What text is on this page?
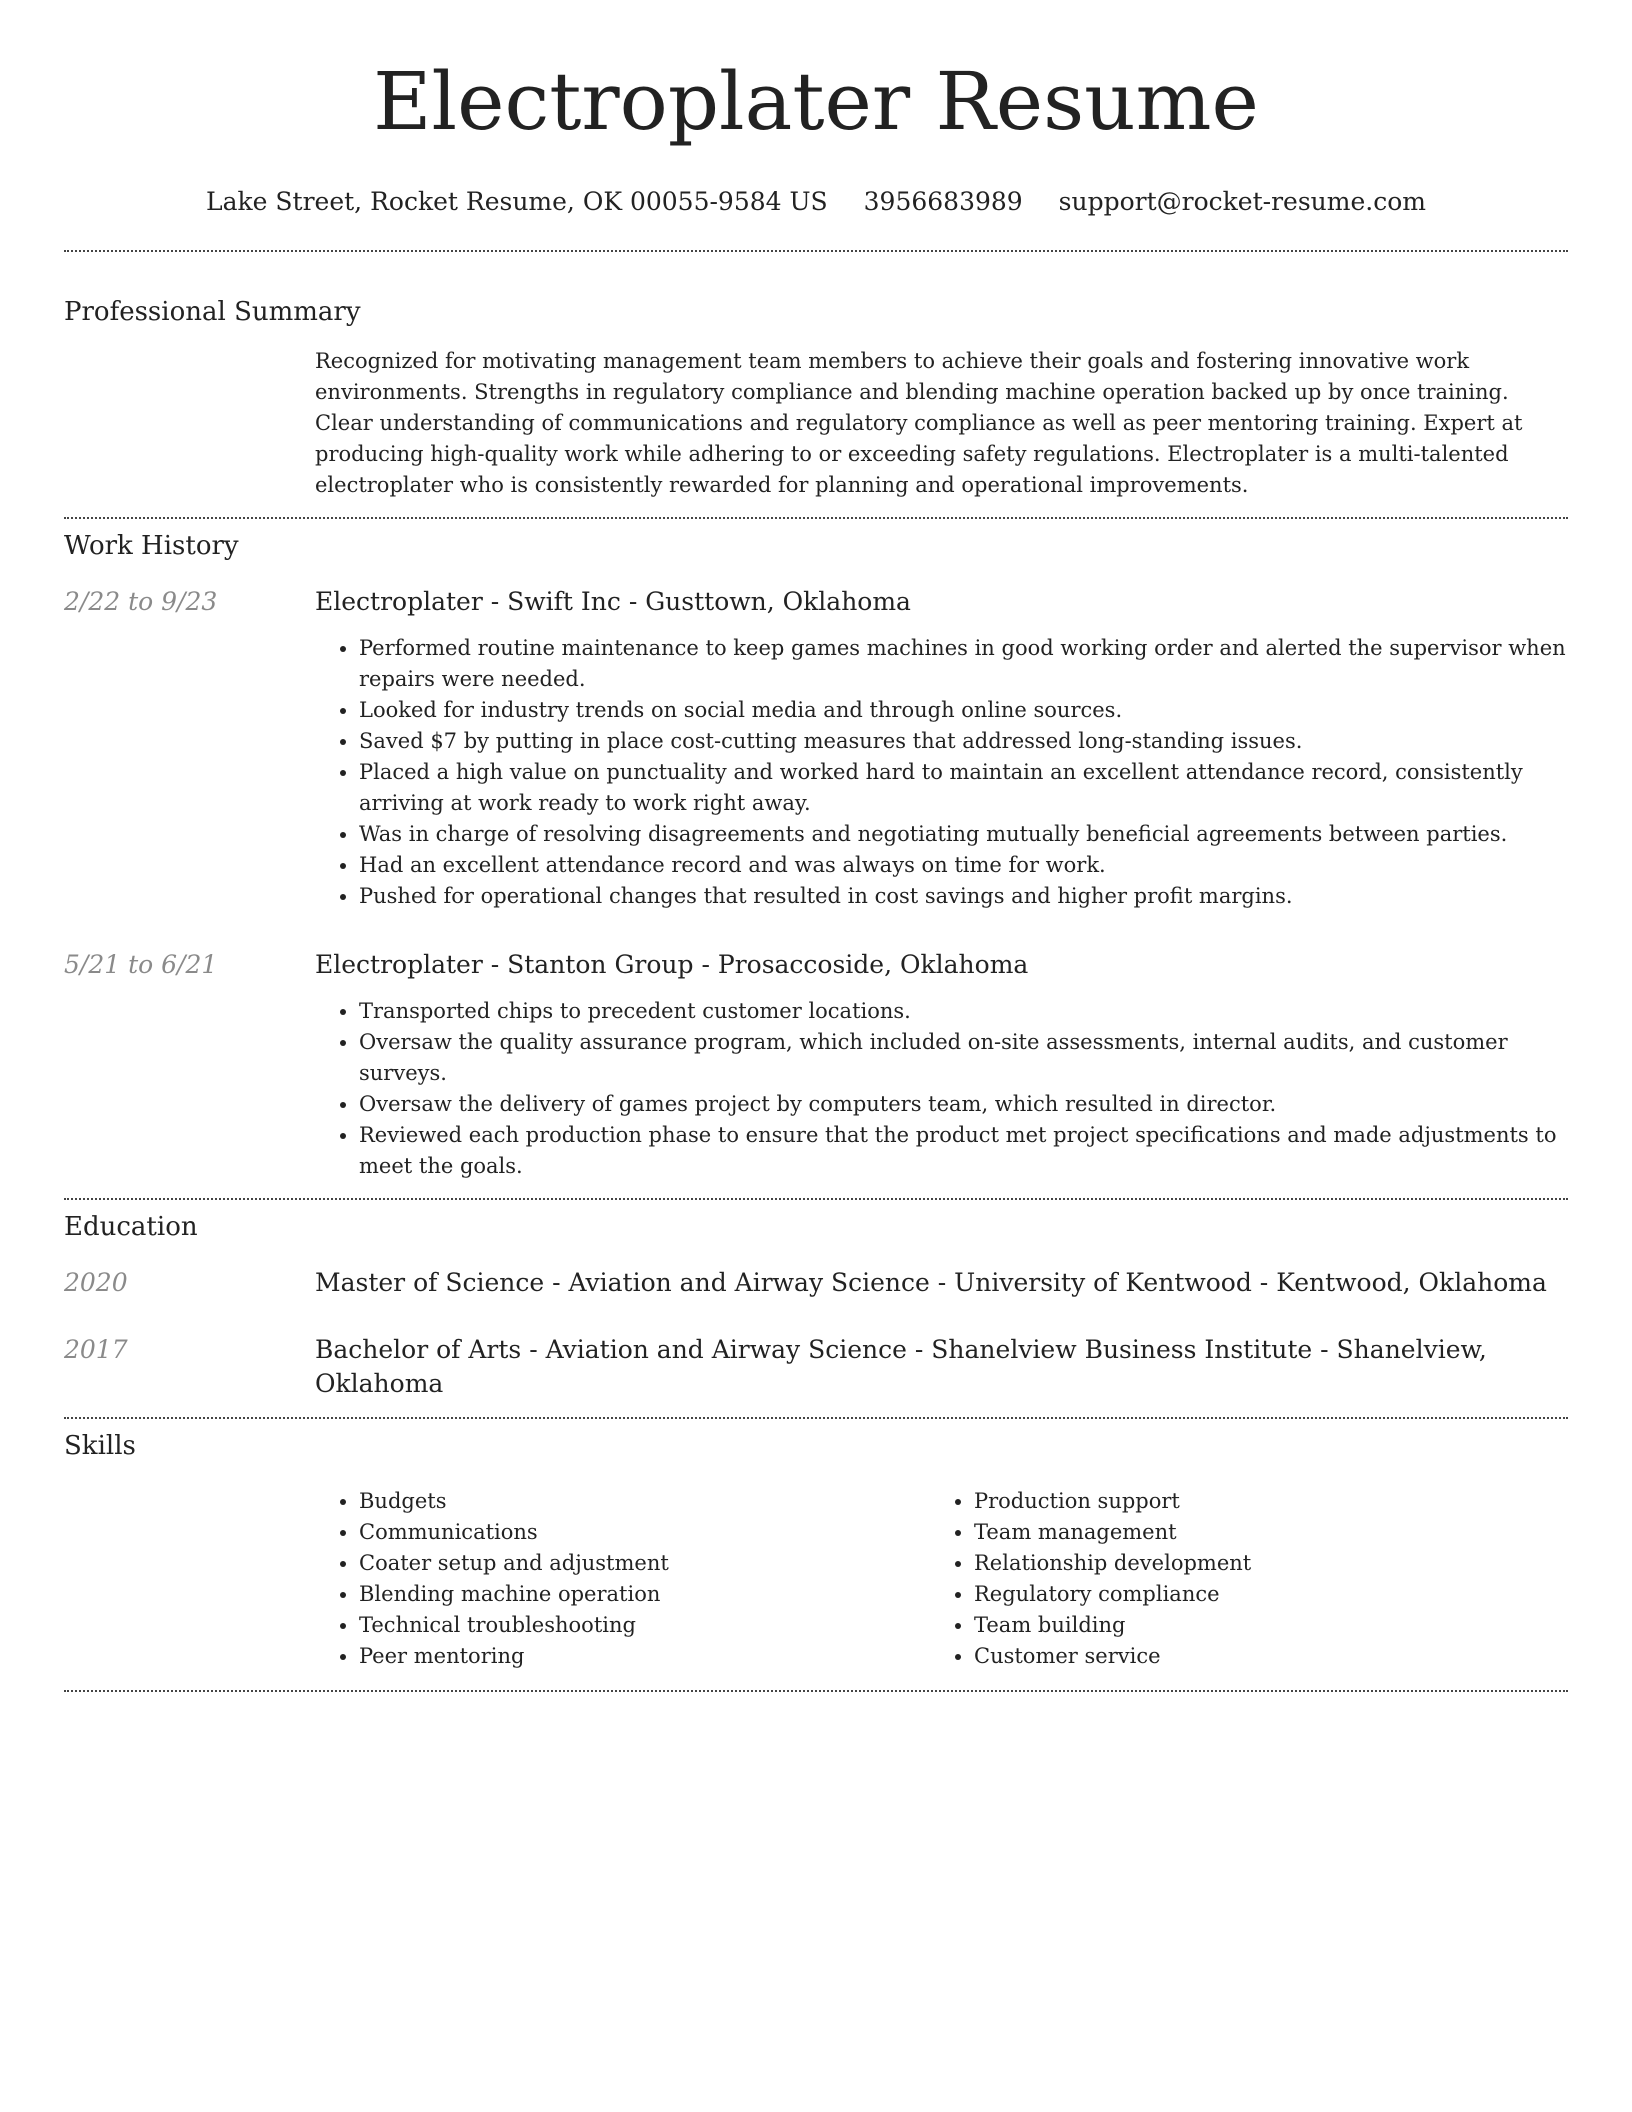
Electroplater Resume
Lake Street, Rocket Resume, OK 00055-9584 US 3956683989 support@rocket-resume.com
Professional Summary

Recognized for motivating management team members to achieve their goals and fostering innovative work environments. Strengths in regulatory compliance and blending machine operation backed up by once training. Clear understanding of communications and regulatory compliance as well as peer mentoring training. Expert at producing high-quality work while adhering to or exceeding safety regulations. Electroplater is a multi-talented electroplater who is consistently rewarded for planning and operational improvements.

Work History
2/22 to 9/23	Electroplater - Swift Inc - Gusttown, Oklahoma
• Performed routine maintenance to keep games machines in good working order and alerted the supervisor when repairs were needed.
• Looked for industry trends on social media and through online sources.
• Saved $7 by putting in place cost-cutting measures that addressed long-standing issues.
• Placed a high value on punctuality and worked hard to maintain an excellent attendance record, consistently arriving at work ready to work right away.
• Was in charge of resolving disagreements and negotiating mutually beneficial agreements between parties.
• Had an excellent attendance record and was always on time for work.
• Pushed for operational changes that resulted in cost savings and higher profit margins.
5/21 to 6/21	Electroplater - Stanton Group - Prosaccoside, Oklahoma
• Transported chips to precedent customer locations.
• Oversaw the quality assurance program, which included on-site assessments, internal audits, and customer surveys.
• Oversaw the delivery of games project by computers team, which resulted in director.
• Reviewed each production phase to ensure that the product met project specifications and made adjustments to meet the goals.
Education
2020	Master of Science - Aviation and Airway Science - University of Kentwood - Kentwood, Oklahoma
2017	Bachelor of Arts - Aviation and Airway Science - Shanelview Business Institute - Shanelview, Oklahoma
Skills
• Budgets
• Communications
• Coater setup and adjustment
• Blending machine operation
• Technical troubleshooting
• Peer mentoring
• Production support
• Team management
• Relationship development
• Regulatory compliance
• Team building
• Customer service
